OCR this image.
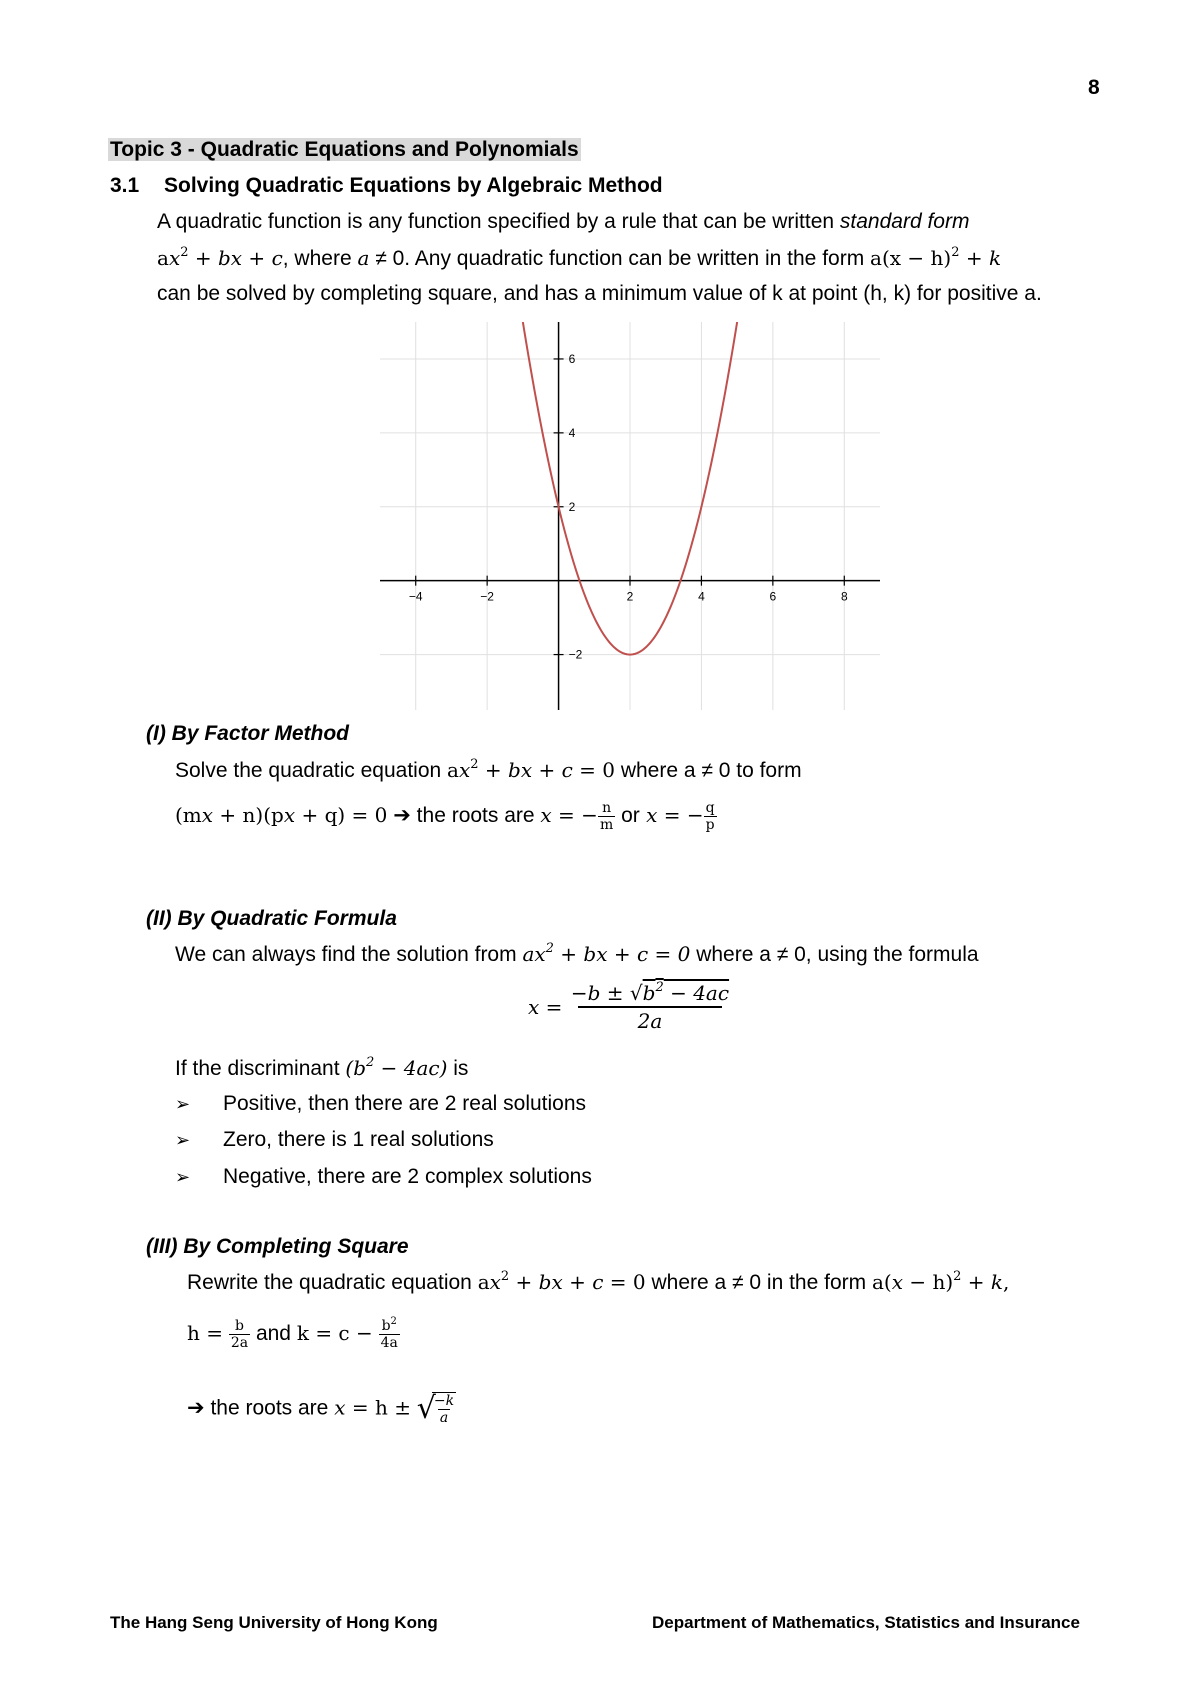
8
Topic 3 - Quadratic Equations and Polynomials
3.1 Solving Quadratic Equations by Algebraic Method
A quadratic function is any function specified by a rule that can be written standard form
$ax^2$ + bx + c, where a ≠ 0. Any quadratic function can be written in the form $a(x - h)^2 + k$
can be solved by completing square, and has a minimum value of k at point (h, k) for positive a.
−4	−2	2	4	6	8
6
4
2
−2
(I) By Factor Method
Solve the quadratic equation $ax^2$ + bx + c = 0 where a ≠ 0 to form
(mx + n)(px + q) = 0 ➔ the roots are x = − $\frac{n}{m}$ or x = − $\frac{q}{p}$
(II) By Quadratic Formula
We can always find the solution from $ax^2$ + bx + c = 0 where a ≠ 0, using the formula
$x = \frac{-b \pm √b^2 - 4ac}{2a}$
If the discriminant $(b^2 - 4ac)$ is
➢ Positive, then there are 2 real solutions
➢ Zero, there is 1 real solutions
➢ Negative, there are 2 complex solutions
(III) By Completing Square
Rewrite the quadratic equation $ax^2$ + bx + c = 0 where a ≠ 0 in the form $a(x - h)^2 + k$,
$h = \frac{b}{2a}$ and $k = c - \frac{b^2}{4a}$
➔ the roots are x = h ± √
$\frac{-k}{a}$
The Hang Seng University of Hong Kong	Department of Mathematics, Statistics and Insurance
